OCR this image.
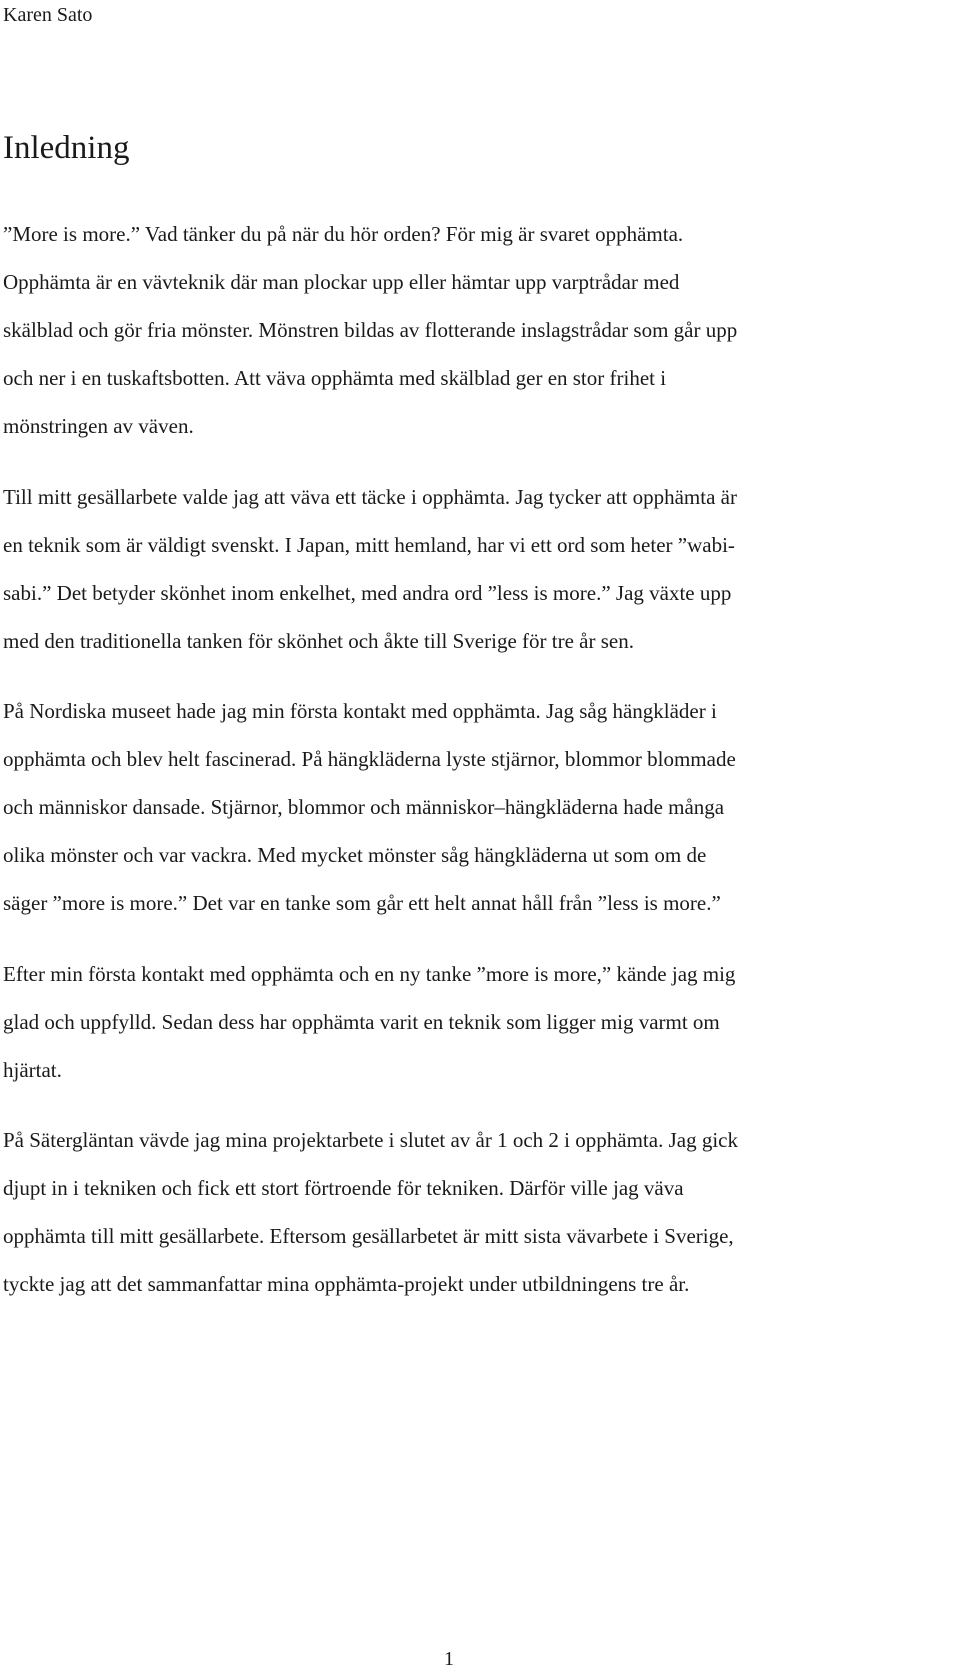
Karen Sato

Inledning

”More is more.” Vad tänker du på när du hör orden? För mig är svaret opphämta.

Opphämta är en vävteknik där man plockar upp eller hämtar upp varptrådar med

skälblad och gör fria mönster. Mönstren bildas av flotterande inslagstrådar som går upp

och ner i en tuskaftsbotten. Att väva opphämta med skälblad ger en stor frihet i

mönstringen av väven.

Till mitt gesällarbete valde jag att väva ett täcke i opphämta. Jag tycker att opphämta är

en teknik som är väldigt svenskt. I Japan, mitt hemland, har vi ett ord som heter ”wabi-

sabi.” Det betyder skönhet inom enkelhet, med andra ord ”less is more.” Jag växte upp

med den traditionella tanken för skönhet och åkte till Sverige för tre år sen.

På Nordiska museet hade jag min första kontakt med opphämta. Jag såg hängkläder i

opphämta och blev helt fascinerad. På hängkläderna lyste stjärnor, blommor blommade

och människor dansade. Stjärnor, blommor och människor–hängkläderna hade många

olika mönster och var vackra. Med mycket mönster såg hängkläderna ut som om de

säger ”more is more.” Det var en tanke som går ett helt annat håll från ”less is more.”

Efter min första kontakt med opphämta och en ny tanke ”more is more,” kände jag mig

glad och uppfylld. Sedan dess har opphämta varit en teknik som ligger mig varmt om

hjärtat.

På Sätergläntan vävde jag mina projektarbete i slutet av år 1 och 2 i opphämta. Jag gick

djupt in i tekniken och fick ett stort förtroende för tekniken. Därför ville jag väva

opphämta till mitt gesällarbete. Eftersom gesällarbetet är mitt sista vävarbete i Sverige,

tyckte jag att det sammanfattar mina opphämta-projekt under utbildningens tre år.

1
